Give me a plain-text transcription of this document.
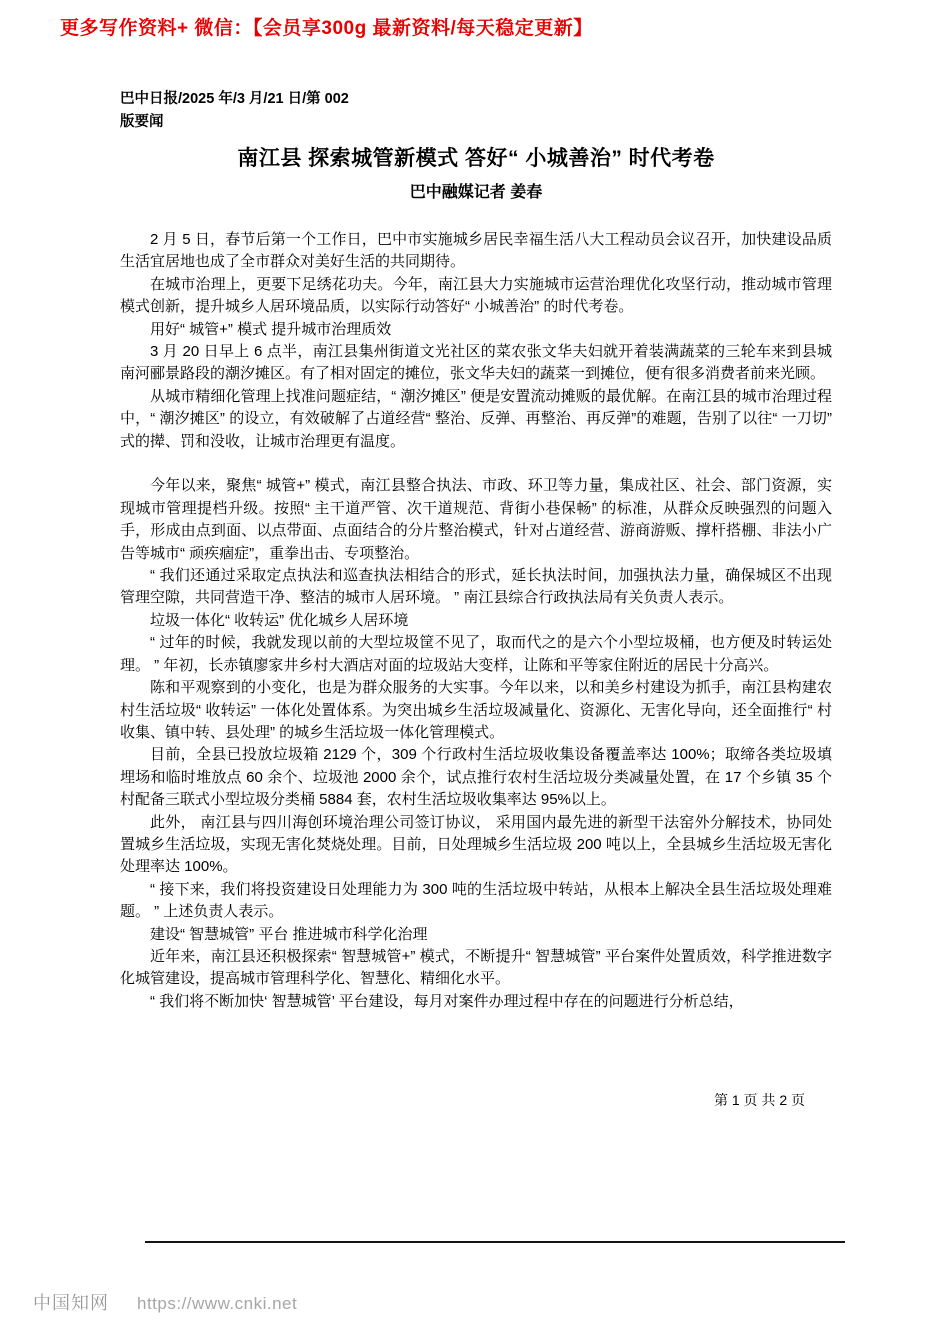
更多写作资料+ 微信：【会员享300g 最新资料/每天稳定更新】
巴中日报/2025 年/3 月/21 日/第 002
版要闻
南江县 探索城管新模式 答好“ 小城善治” 时代考卷
巴中融媒记者 姜春

2 月 5 日，春节后第一个工作日，巴中市实施城乡居民幸福生活八大工程动员会议召开，加快建设品质生活宜居地也成了全市群众对美好生活的共同期待。

在城市治理上，更要下足绣花功夫。今年，南江县大力实施城市运营治理优化攻坚行动，推动城市管理模式创新，提升城乡人居环境品质，以实际行动答好“ 小城善治” 的时代考卷。

用好“ 城管+” 模式 提升城市治理质效

3 月 20 日早上 6 点半，南江县集州街道文光社区的菜农张文华夫妇就开着装满蔬菜的三轮车来到县城南河郦景路段的潮汐摊区。有了相对固定的摊位，张文华夫妇的蔬菜一到摊位，便有很多消费者前来光顾。

从城市精细化管理上找准问题症结，“ 潮汐摊区” 便是安置流动摊贩的最优解。在南江县的城市治理过程中，“ 潮汐摊区” 的设立，有效破解了占道经营“ 整治、反弹、再整治、再反弹”的难题，告别了以往“ 一刀切” 式的撵、罚和没收，让城市治理更有温度。

今年以来，聚焦“ 城管+” 模式，南江县整合执法、市政、环卫等力量，集成社区、社会、部门资源，实现城市管理提档升级。按照“ 主干道严管、次干道规范、背街小巷保畅” 的标准，从群众反映强烈的问题入手，形成由点到面、以点带面、点面结合的分片整治模式，针对占道经营、游商游贩、撑杆搭棚、非法小广告等城市“ 顽疾痼症”，重拳出击、专项整治。

“ 我们还通过采取定点执法和巡查执法相结合的形式，延长执法时间，加强执法力量，确保城区不出现管理空隙，共同营造干净、整洁的城市人居环境。 ” 南江县综合行政执法局有关负责人表示。

垃圾一体化“ 收转运” 优化城乡人居环境

“ 过年的时候，我就发现以前的大型垃圾筐不见了，取而代之的是六个小型垃圾桶，也方便及时转运处理。 ” 年初，长赤镇廖家井乡村大酒店对面的垃圾站大变样，让陈和平等家住附近的居民十分高兴。

陈和平观察到的小变化，也是为群众服务的大实事。今年以来，以和美乡村建设为抓手，南江县构建农村生活垃圾“ 收转运” 一体化处置体系。为突出城乡生活垃圾减量化、资源化、无害化导向，还全面推行“ 村收集、镇中转、县处理” 的城乡生活垃圾一体化管理模式。

目前，全县已投放垃圾箱 2129 个，309 个行政村生活垃圾收集设备覆盖率达 100%；取缔各类垃圾填埋场和临时堆放点 60 余个、垃圾池 2000 余个，试点推行农村生活垃圾分类减量处置，在 17 个乡镇 35 个村配备三联式小型垃圾分类桶 5884 套，农村生活垃圾收集率达 95%以上。

此外， 南江县与四川海创环境治理公司签订协议， 采用国内最先进的新型干法窑外分解技术，协同处置城乡生活垃圾，实现无害化焚烧处理。目前，日处理城乡生活垃圾 200 吨以上，全县城乡生活垃圾无害化处理率达 100%。

“ 接下来，我们将投资建设日处理能力为 300 吨的生活垃圾中转站，从根本上解决全县生活垃圾处理难题。 ” 上述负责人表示。

建设“ 智慧城管” 平台 推进城市科学化治理

近年来，南江县还积极探索“ 智慧城管+” 模式，不断提升“ 智慧城管” 平台案件处置质效，科学推进数字化城管建设，提高城市管理科学化、智慧化、精细化水平。

“ 我们将不断加快‘ 智慧城管’ 平台建设，每月对案件办理过程中存在的问题进行分析总结，

第 1 页 共 2 页
中国知网 https://www.cnki.net
